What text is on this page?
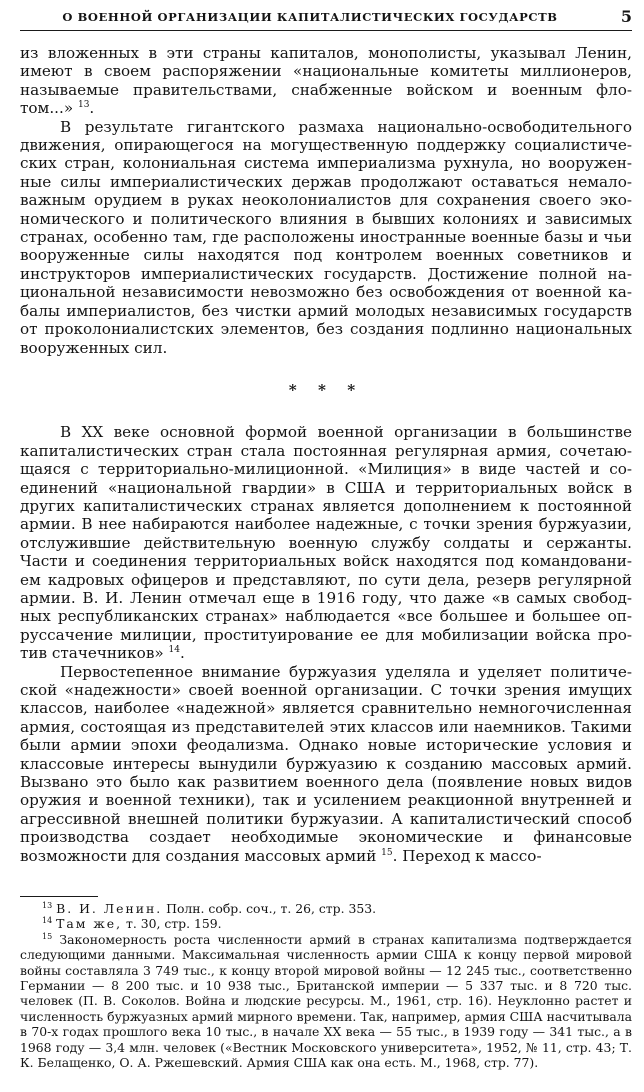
О ВОЕННОЙ ОРГАНИЗАЦИИ КАПИТАЛИСТИЧЕСКИХ ГОСУДАРСТВ	5

из вложенных в эти страны капиталов, монополисты, указывал Ленин, имеют в своем распоряжении «национальные комитеты миллионеров, называемые правительствами, снабженные войском и военным флотом...» $^{13}$.

В результате гигантского размаха национально-освободительного движения, опирающегося на могущественную поддержку социалистических стран, колониальная система империализма рухнула, но вооруженные силы империалистических держав продолжают оставаться немаловажным орудием в руках неоколониалистов для сохранения своего экономического и политического влияния в бывших колониях и зависимых странах, особенно там, где расположены иностранные военные базы и чьи вооруженные силы находятся под контролем военных советников и инструкторов империалистических государств. Достижение полной национальной независимости невозможно без освобождения от военной кабалы империалистов, без чистки армий молодых независимых государств от проколониалистских элементов, без создания подлинно национальных вооруженных сил.

* * *

В XX веке основной формой военной организации в большинстве капиталистических стран стала постоянная регулярная армия, сочетающаяся с территориально-милиционной. «Милиция» в виде частей и соединений «национальной гвардии» в США и территориальных войск в других капиталистических странах является дополнением к постоянной армии. В нее набираются наиболее надежные, с точки зрения буржуазии, отслужившие действительную военную службу солдаты и сержанты. Части и соединения территориальных войск находятся под командованием кадровых офицеров и представляют, по сути дела, резерв регулярной армии. В. И. Ленин отмечал еще в 1916 году, что даже «в самых свободных республиканских странах» наблюдается «все большее и большее опруссачение милиции, проституирование ее для мобилизации войска против стачечников» $^{14}$.

Первостепенное внимание буржуазия уделяла и уделяет политической «надежности» своей военной организации. С точки зрения имущих классов, наиболее «надежной» является сравнительно немногочисленная армия, состоящая из представителей этих классов или наемников. Такими были армии эпохи феодализма. Однако новые исторические условия и классовые интересы вынудили буржуазию к созданию массовых армий. Вызвано это было как развитием военного дела (появление новых видов оружия и военной техники), так и усилением реакционной внутренней и агрессивной внешней политики буржуазии. А капиталистический способ производства создает необходимые экономические и финансовые возможности для создания массовых армий $^{15}$. Переход к массо-

$^{13}$ В. И. Ленин. Полн. собр. соч., т. 26, стр. 353.

$^{14}$ Там же, т. 30, стр. 159.

$^{15}$ Закономерность роста численности армий в странах капитализма подтверждается следующими данными. Максимальная численность армии США к концу первой мировой войны составляла 3 749 тыс., к концу второй мировой войны — 12 245 тыс., соответственно Германии — 8 200 тыс. и 10 938 тыс., Британской империи — 5 337 тыс. и 8 720 тыс. человек (П. В. Соколов. Война и людские ресурсы. М., 1961, стр. 16). Неуклонно растет и численность буржуазных армий мирного времени. Так, например, армия США насчитывала в 70-х годах прошлого века 10 тыс., в начале XX века — 55 тыс., в 1939 году — 341 тыс., а в 1968 году — 3,4 млн. человек («Вестник Московского университета», 1952, № 11, стр. 43; Т. К. Белащенко, О. А. Ржешевский. Армия США как она есть. М., 1968, стр. 77).
